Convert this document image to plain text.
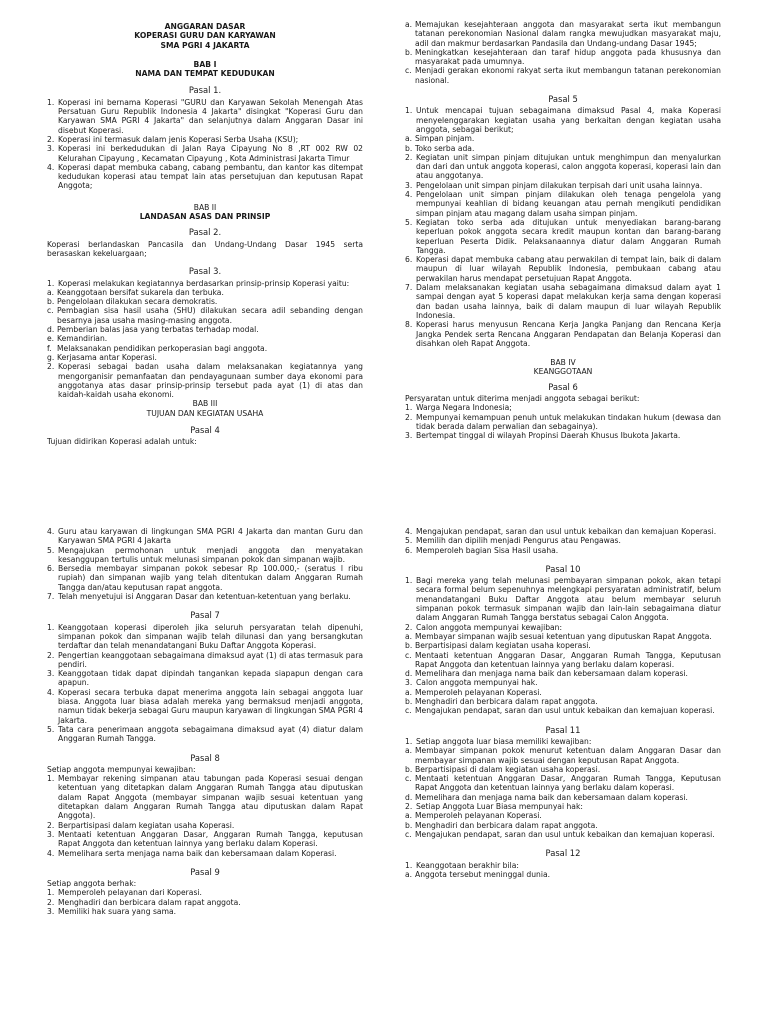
ANGGARAN DASAR

KOPERASI GURU DAN KARYAWAN

SMA PGRI 4 JAKARTA

BAB I
NAMA DAN TEMPAT KEDUDUKAN
Pasal 1.
1. Koperasi ini bernama Koperasi "GURU dan Karyawan Sekolah Menengah Atas Persatuan Guru Republik Indonesia 4 Jakarta" disingkat "Koperasi Guru dan Karyawan SMA PGRI 4 Jakarta" dan selanjutnya dalam Anggaran Dasar ini disebut Koperasi.
2. Koperasi ini termasuk dalam jenis Koperasi Serba Usaha (KSU);
3. Koperasi ini berkedudukan di Jalan Raya Cipayung No 8 ,RT 002 RW 02 Kelurahan Cipayung , Kecamatan Cipayung , Kota Administrasi Jakarta Timur
4. Koperasi dapat membuka cabang, cabang pembantu, dan kantor kas ditempat kedudukan koperasi atau tempat lain atas persetujuan dan keputusan Rapat Anggota;
BAB II
LANDASAN ASAS DAN PRINSIP
Pasal 2.

Koperasi berlandaskan Pancasila dan Undang-Undang Dasar 1945 serta berasaskan kekeluargaan;

Pasal 3.
1. Koperasi melakukan kegiatannya berdasarkan prinsip-prinsip Koperasi yaitu:
a. Keanggotaan bersifat sukarela dan terbuka.
b. Pengelolaan dilakukan secara demokratis.
c. Pembagian sisa hasil usaha (SHU) dilakukan secara adil sebanding dengan besarnya jasa usaha masing-masing anggota.
d. Pemberian balas jasa yang terbatas terhadap modal.
e. Kemandirian.
f. Melaksanakan pendidikan perkoperasian bagi anggota.
g. Kerjasama antar Koperasi.
2. Koperasi sebagai badan usaha dalam melaksanakan kegiatannya yang mengorganisir pemanfaatan dan pendayagunaan sumber daya ekonomi para anggotanya atas dasar prinsip-prinsip tersebut pada ayat (1) di atas dan kaidah-kaidah usaha ekonomi.
BAB III
TUJUAN DAN KEGIATAN USAHA
Pasal 4

Tujuan didirikan Koperasi adalah untuk:

a. Memajukan kesejahteraan anggota dan masyarakat serta ikut membangun tatanan perekonomian Nasional dalam rangka mewujudkan masyarakat maju, adil dan makmur berdasarkan Pandasila dan Undang-undang Dasar 1945;
b. Meningkatkan kesejahteraan dan taraf hidup anggota pada khususnya dan masyarakat pada umumnya.
c. Menjadi gerakan ekonomi rakyat serta ikut membangun tatanan perekonomian nasional.
Pasal 5
1. Untuk mencapai tujuan sebagaimana dimaksud Pasal 4, maka Koperasi menyelenggarakan kegiatan usaha yang berkaitan dengan kegiatan usaha anggota, sebagai berikut;
a. Simpan pinjam.
b. Toko serba ada.
2. Kegiatan unit simpan pinjam ditujukan untuk menghimpun dan menyalurkan dan dari dan untuk anggota koperasi, calon anggota koperasi, koperasi lain dan atau anggotanya.
3. Pengelolaan unit simpan pinjam dilakukan terpisah dari unit usaha lainnya.
4. Pengelolaan unit simpan pinjam dilakukan oleh tenaga pengelola yang mempunyai keahlian di bidang keuangan atau pernah mengikuti pendidikan simpan pinjam atau magang dalam usaha simpan pinjam.
5. Kegiatan toko serba ada ditujukan untuk menyediakan barang-barang keperluan pokok anggota secara kredit maupun kontan dan barang-barang keperluan Peserta Didik. Pelaksanaannya diatur dalam Anggaran Rumah Tangga.
6. Koperasi dapat membuka cabang atau perwakilan di tempat lain, baik di dalam maupun di luar wilayah Republik Indonesia, pembukaan cabang atau perwakilan harus mendapat persetujuan Rapat Anggota.
7. Dalam melaksanakan kegiatan usaha sebagaimana dimaksud dalam ayat 1 sampai dengan ayat 5 koperasi dapat melakukan kerja sama dengan koperasi dan badan usaha lainnya, baik di dalam maupun di luar wilayah Republik Indonesia.
8. Koperasi harus menyusun Rencana Kerja Jangka Panjang dan Rencana Kerja Jangka Pendek serta Rencana Anggaran Pendapatan dan Belanja Koperasi dan disahkan oleh Rapat Anggota.
BAB IV
KEANGGOTAAN
Pasal 6

Persyaratan untuk diterima menjadi anggota sebagai berikut:

1. Warga Negara Indonesia;
2. Mempunyai kemampuan penuh untuk melakukan tindakan hukum (dewasa dan tidak berada dalam perwalian dan sebagainya).
3. Bertempat tinggal di wilayah Propinsi Daerah Khusus Ibukota Jakarta.
4. Guru atau karyawan di lingkungan SMA PGRI 4 Jakarta dan mantan Guru dan Karyawan SMA PGRI 4 Jakarta
5. Mengajukan permohonan untuk menjadi anggota dan menyatakan kesanggupan tertulis untuk melunasi simpanan pokok dan simpanan wajib.
6. Bersedia membayar simpanan pokok sebesar Rp 100.000,- (seratus l ribu rupiah) dan simpanan wajib yang telah ditentukan dalam Anggaran Rumah Tangga dan/atau keputusan rapat anggota.
7. Telah menyetujui isi Anggaran Dasar dan ketentuan-ketentuan yang berlaku.
Pasal 7
1. Keanggotaan koperasi diperoleh jika seluruh persyaratan telah dipenuhi, simpanan pokok dan simpanan wajib telah dilunasi dan yang bersangkutan terdaftar dan telah menandatangani Buku Daftar Anggota Koperasi.
2. Pengertian keanggotaan sebagaimana dimaksud ayat (1) di atas termasuk para pendiri.
3. Keanggotaan tidak dapat dipindah tangankan kepada siapapun dengan cara apapun.
4. Koperasi secara terbuka dapat menerima anggota lain sebagai anggota luar biasa. Anggota luar biasa adalah mereka yang bermaksud menjadi anggota, namun tidak bekerja sebagai Guru maupun karyawan di lingkungan SMA PGRI 4 Jakarta.
5. Tata cara penerimaan anggota sebagaimana dimaksud ayat (4) diatur dalam Anggaran Rumah Tangga.
Pasal 8

Setiap anggota mempunyai kewajiban:

1. Membayar rekening simpanan atau tabungan pada Koperasi sesuai dengan ketentuan yang ditetapkan dalam Anggaran Rumah Tangga atau diputuskan dalam Rapat Anggota (membayar simpanan wajib sesuai ketentuan yang ditetapkan dalam Anggaran Rumah Tangga atau diputuskan dalam Rapat Anggota).
2. Berpartisipasi dalam kegiatan usaha Koperasi.
3. Mentaati ketentuan Anggaran Dasar, Anggaran Rumah Tangga, keputusan Rapat Anggota dan ketentuan lainnya yang berlaku dalam Koperasi.
4. Memelihara serta menjaga nama baik dan kebersamaan dalam Koperasi.
Pasal 9

Setiap anggota berhak:

1. Memperoleh pelayanan dari Koperasi.
2. Menghadiri dan berbicara dalam rapat anggota.
3. Memiliki hak suara yang sama.
4. Mengajukan pendapat, saran dan usul untuk kebaikan dan kemajuan Koperasi.
5. Memilih dan dipilih menjadi Pengurus atau Pengawas.
6. Memperoleh bagian Sisa Hasil usaha.
Pasal 10
1. Bagi mereka yang telah melunasi pembayaran simpanan pokok, akan tetapi secara formal belum sepenuhnya melengkapi persyaratan administratif, belum menandatangani Buku Daftar Anggota atau belum membayar seluruh simpanan pokok termasuk simpanan wajib dan lain-lain sebagaimana diatur dalam Anggaran Rumah Tangga berstatus sebagai Calon Anggota.
2. Calon anggota mempunyai kewajiban:
a. Membayar simpanan wajib sesuai ketentuan yang diputuskan Rapat Anggota.
b. Berpartisipasi dalam kegiatan usaha koperasi.
c. Mentaati ketentuan Anggaran Dasar, Anggaran Rumah Tangga, Keputusan Rapat Anggota dan ketentuan lainnya yang berlaku dalam koperasi.
d. Memelihara dan menjaga nama baik dan kebersamaan dalam koperasi.
3. Calon anggota mempunyai hak.
a. Memperoleh pelayanan Koperasi.
b. Menghadiri dan berbicara dalam rapat anggota.
c. Mengajukan pendapat, saran dan usul untuk kebaikan dan kemajuan koperasi.
Pasal 11
1. Setiap anggota luar biasa memiliki kewajiban:
a. Membayar simpanan pokok menurut ketentuan dalam Anggaran Dasar dan membayar simpanan wajib sesuai dengan keputusan Rapat Anggota.
b. Berpartisipasi di dalam kegiatan usaha koperasi.
c. Mentaati ketentuan Anggaran Dasar, Anggaran Rumah Tangga, Keputusan Rapat Anggota dan ketentuan lainnya yang berlaku dalam koperasi.
d. Memelihara dan menjaga nama baik dan kebersamaan dalam koperasi.
2. Setiap Anggota Luar Biasa mempunyai hak:
a. Memperoleh pelayanan Koperasi.
b. Menghadiri dan berbicara dalam rapat anggota.
c. Mengajukan pendapat, saran dan usul untuk kebaikan dan kemajuan koperasi.
Pasal 12
1. Keanggotaan berakhir bila:
a. Anggota tersebut meninggal dunia.
